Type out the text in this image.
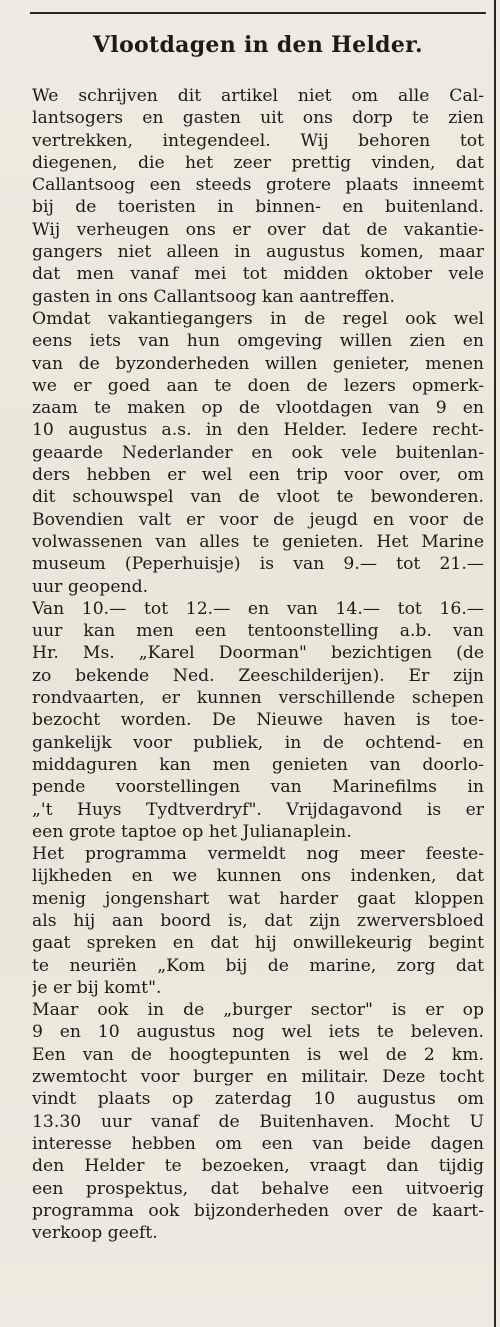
Vlootdagen in den Helder.
We schrijven dit artikel niet om alle Cal-
lantsogers en gasten uit ons dorp te zien
vertrekken, integendeel. Wij behoren tot
diegenen, die het zeer prettig vinden, dat
Callantsoog een steeds grotere plaats inneemt
bij de toeristen in binnen- en buitenland.
Wij verheugen ons er over dat de vakantie-
gangers niet alleen in augustus komen, maar
dat men vanaf mei tot midden oktober vele
gasten in ons Callantsoog kan aantreffen.
Omdat vakantiegangers in de regel ook wel
eens iets van hun omgeving willen zien en
van de byzonderheden willen genieter, menen
we er goed aan te doen de lezers opmerk-
zaam te maken op de vlootdagen van 9 en
10 augustus a.s. in den Helder. Iedere recht-
geaarde Nederlander en ook vele buitenlan-
ders hebben er wel een trip voor over, om
dit schouwspel van de vloot te bewonderen.
Bovendien valt er voor de jeugd en voor de
volwassenen van alles te genieten. Het Marine
museum (Peperhuisje) is van 9.— tot 21.—
uur geopend.
Van 10.— tot 12.— en van 14.— tot 16.—
uur kan men een tentoonstelling a.b. van
Hr. Ms. „Karel Doorman" bezichtigen (de
zo bekende Ned. Zeeschilderijen). Er zijn
rondvaarten, er kunnen verschillende schepen
bezocht worden. De Nieuwe haven is toe-
gankelijk voor publiek, in de ochtend- en
middaguren kan men genieten van doorlo-
pende voorstellingen van Marinefilms in
„'t Huys Tydtverdryf". Vrijdagavond is er
een grote taptoe op het Julianaplein.
Het programma vermeldt nog meer feeste-
lijkheden en we kunnen ons indenken, dat
menig jongenshart wat harder gaat kloppen
als hij aan boord is, dat zijn zwerversbloed
gaat spreken en dat hij onwillekeurig begint
te neuriën „Kom bij de marine, zorg dat
je er bij komt".
Maar ook in de „burger sector" is er op
9 en 10 augustus nog wel iets te beleven.
Een van de hoogtepunten is wel de 2 km.
zwemtocht voor burger en militair. Deze tocht
vindt plaats op zaterdag 10 augustus om
13.30 uur vanaf de Buitenhaven. Mocht U
interesse hebben om een van beide dagen
den Helder te bezoeken, vraagt dan tijdig
een prospektus, dat behalve een uitvoerig
programma ook bijzonderheden over de kaart-
verkoop geeft.
